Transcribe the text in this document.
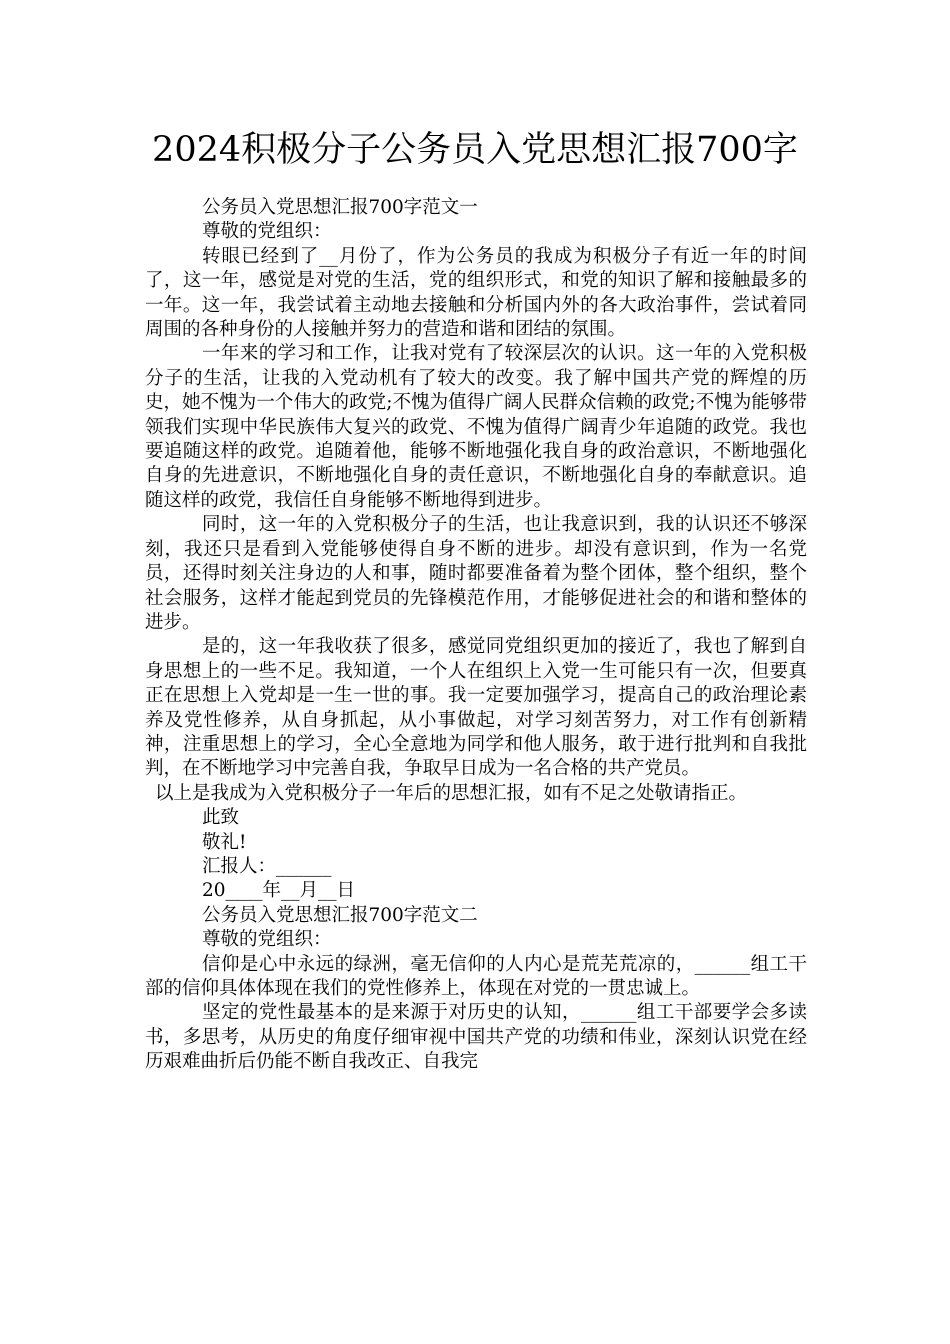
2024积极分子公务员入党思想汇报700字

公务员入党思想汇报700字范文一

尊敬的党组织：

转眼已经到了__月份了，作为公务员的我成为积极分子有近一年的时间了，这一年，感觉是对党的生活，党的组织形式，和党的知识了解和接触最多的一年。这一年，我尝试着主动地去接触和分析国内外的各大政治事件，尝试着同周围的各种身份的人接触并努力的营造和谐和团结的氛围。

一年来的学习和工作，让我对党有了较深层次的认识。这一年的入党积极分子的生活，让我的入党动机有了较大的改变。我了解中国共产党的辉煌的历史，她不愧为一个伟大的政党;不愧为值得广阔人民群众信赖的政党;不愧为能够带领我们实现中华民族伟大复兴的政党、不愧为值得广阔青少年追随的政党。我也要追随这样的政党。追随着他，能够不断地强化我自身的政治意识，不断地强化自身的先进意识，不断地强化自身的责任意识，不断地强化自身的奉献意识。追随这样的政党，我信任自身能够不断地得到进步。

同时，这一年的入党积极分子的生活，也让我意识到，我的认识还不够深刻，我还只是看到入党能够使得自身不断的进步。却没有意识到，作为一名党员，还得时刻关注身边的人和事，随时都要准备着为整个团体，整个组织，整个社会服务，这样才能起到党员的先锋模范作用，才能够促进社会的和谐和整体的进步。

是的，这一年我收获了很多，感觉同党组织更加的接近了，我也了解到自身思想上的一些不足。我知道，一个人在组织上入党一生可能只有一次，但要真正在思想上入党却是一生一世的事。我一定要加强学习，提高自己的政治理论素养及党性修养，从自身抓起，从小事做起，对学习刻苦努力，对工作有创新精神，注重思想上的学习，全心全意地为同学和他人服务，敢于进行批判和自我批判，在不断地学习中完善自我，争取早日成为一名合格的共产党员。

以上是我成为入党积极分子一年后的思想汇报，如有不足之处敬请指正。

此致

敬礼!

汇报人：______

20____年__月__日

公务员入党思想汇报700字范文二

尊敬的党组织：

信仰是心中永远的绿洲，毫无信仰的人内心是荒芜荒凉的，______组工干部的信仰具体体现在我们的党性修养上，体现在对党的一贯忠诚上。

坚定的党性最基本的是来源于对历史的认知，______组工干部要学会多读书，多思考，从历史的角度仔细审视中国共产党的功绩和伟业，深刻认识党在经历艰难曲折后仍能不断自我改正、自我完
